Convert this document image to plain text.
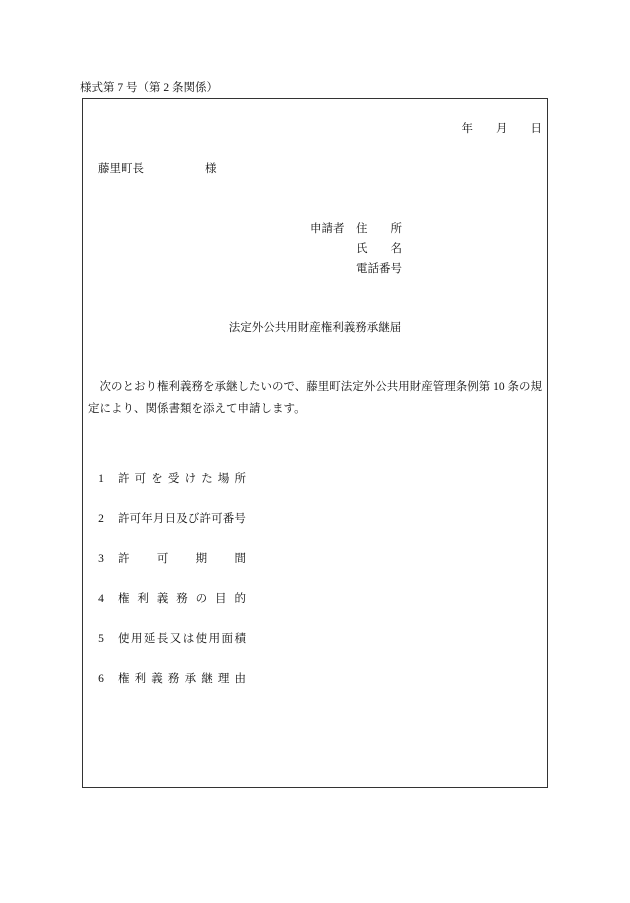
様式第 7 号（第 2 条関係）
年　　月　　日
藤里町長	様
申請者 住　　所
氏　　名
電話番号
法定外公共用財産権利義務承継届
次のとおり権利義務を承継したいので、藤里町法定外公共用財産管理条例第 10 条の規定により、関係書類を添えて申請します。
1 許 可 を 受 け た 場 所
2 許 可 年 月 日 及 び 許 可 番 号
3 許 可 期 間
4 権 利 義 務 の 目 的
5 使 用 延 長 又 は 使 用 面 積
6 権 利 義 務 承 継 理 由
